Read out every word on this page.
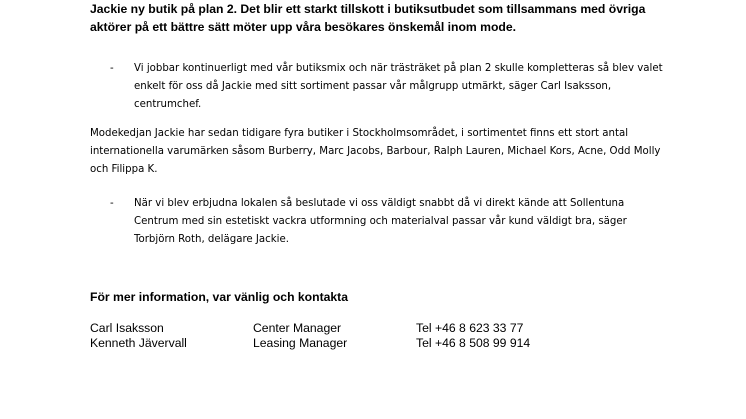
Jackie ny butik på plan 2. Det blir ett starkt tillskott i butiksutbudet som tillsammans med övriga aktörer på ett bättre sätt möter upp våra besökares önskemål inom mode.

- Vi jobbar kontinuerligt med vår butiksmix och när trästräket på plan 2 skulle kompletteras så blev valet enkelt för oss då Jackie med sitt sortiment passar vår målgrupp utmärkt, säger Carl Isaksson, centrumchef.

Modekedjan Jackie har sedan tidigare fyra butiker i Stockholmsområdet, i sortimentet finns ett stort antal internationella varumärken såsom Burberry, Marc Jacobs, Barbour, Ralph Lauren, Michael Kors, Acne, Odd Molly och Filippa K.

- När vi blev erbjudna lokalen så beslutade vi oss väldigt snabbt då vi direkt kände att Sollentuna Centrum med sin estetiskt vackra utformning och materialval passar vår kund väldigt bra, säger Torbjörn Roth, delägare Jackie.

För mer information, var vänlig och kontakta

Carl Isaksson	Center Manager	Tel +46 8 623 33 77
Kenneth Jävervall	Leasing Manager	Tel +46 8 508 99 914
